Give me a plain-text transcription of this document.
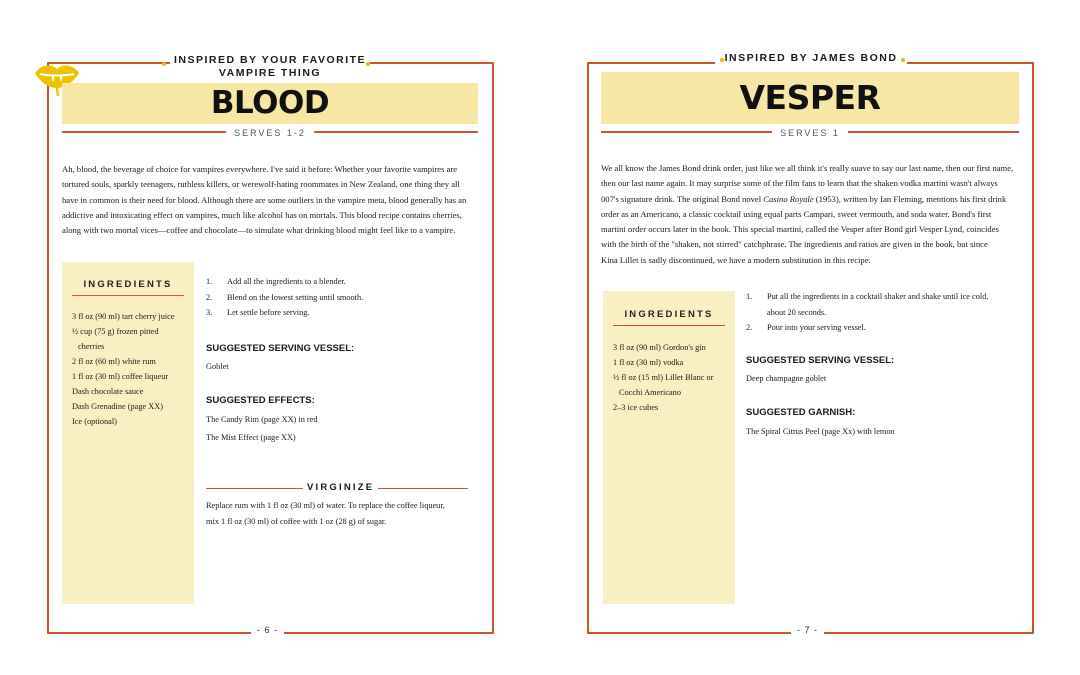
INSPIRED BY YOUR FAVORITE
VAMPIRE THING
BLOOD
SERVES 1-2
Ah, blood, the beverage of choice for vampires everywhere. I've said it before: Whether your favorite vampires are
tortured souls, sparkly teenagers, ruthless killers, or werewolf-hating roommates in New Zealand, one thing they all
have in common is their need for blood. Although there are some outliers in the vampire meta, blood generally has an
addictive and intoxicating effect on vampires, much like alcohol has on mortals. This blood recipe contains cherries,
along with two mortal vices—coffee and chocolate—to simulate what drinking blood might feel like to a vampire.
INGREDIENTS
3 fl oz (90 ml) tart cherry juice
½ cup (75 g) frozen pitted
cherries
2 fl oz (60 ml) white rum
1 fl oz (30 ml) coffee liqueur
Dash chocolate sauce
Dash Grenadine (page XX)
Ice (optional)
1. Add all the ingredients to a blender.
2. Blend on the lowest setting until smooth.
3. Let settle before serving.
SUGGESTED SERVING VESSEL:
Goblet
SUGGESTED EFFECTS:
The Candy Rim (page XX) in red
The Mist Effect (page XX)
VIRGINIZE
Replace rum with 1 fl oz (30 ml) of water. To replace the coffee liqueur,
mix 1 fl oz (30 ml) of coffee with 1 oz (28 g) of sugar.
- 6 -
INSPIRED BY JAMES BOND
VESPER
SERVES 1
We all know the James Bond drink order, just like we all think it's really suave to say our last name, then our first name,
then our last name again. It may surprise some of the film fans to learn that the shaken vodka martini wasn't always
007's signature drink. The original Bond novel Casino Royale (1953), written by Ian Fleming, mentions his first drink
order as an Americano, a classic cocktail using equal parts Campari, sweet vermouth, and soda water. Bond's first
martini order occurs later in the book. This special martini, called the Vesper after Bond girl Vesper Lynd, coincides
with the birth of the "shaken, not stirred" catchphrase. The ingredients and ratios are given in the book, but since
Kina Lillet is sadly discontinued, we have a modern substitution in this recipe.
INGREDIENTS
3 fl oz (90 ml) Gordon's gin
1 fl oz (30 ml) vodka
½ fl oz (15 ml) Lillet Blanc or
Cocchi Americano
2–3 ice cubes
1. Put all the ingredients in a cocktail shaker and shake until ice cold,
about 20 seconds.
2. Pour into your serving vessel.
SUGGESTED SERVING VESSEL:
Deep champagne goblet
SUGGESTED GARNISH:
The Spiral Citrus Peel (page Xx) with lemon
- 7 -
